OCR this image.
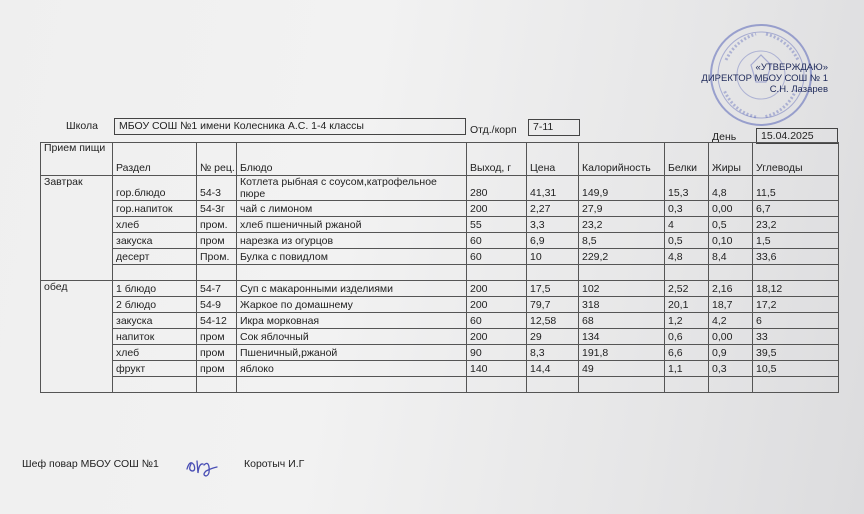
«УТВЕРЖДАЮ»
ДИРЕКТОР МБОУ СОШ № 1
С.Н. Лазарев
Школа	МБОУ СОШ №1 имени Колесника А.С. 1-4 классы	Отд./корп	7-11
День	15.04.2025
Прием пищи	Раздел	№ рец.	Блюдо	Выход, г	Цена	Калорийность	Белки	Жиры	Углеводы
Завтрак	гор.блюдо	54-3	Котлета рыбная с соусом,катрофельное пюре	280	41,31	149,9	15,3	4,8	11,5
	гор.напиток	54-3г	чай с лимоном	200	2,27	27,9	0,3	0,00	6,7
	хлеб	пром.	хлеб пшеничный ржаной	55	3,3	23,2	4	0,5	23,2
	закуска	пром	нарезка из огурцов	60	6,9	8,5	0,5	0,10	1,5
	десерт	Пром.	Булка с повидлом	60	10	229,2	4,8	8,4	33,6

обед	1 блюдо	54-7	Суп с макаронными изделиями	200	17,5	102	2,52	2,16	18,12
	2 блюдо	54-9	Жаркое по домашнему	200	79,7	318	20,1	18,7	17,2
	закуска	54-12	Икра морковная	60	12,58	68	1,2	4,2	6
	напиток	пром	Сок яблочный	200	29	134	0,6	0,00	33
	хлеб	пром	Пшеничный,ржаной	90	8,3	191,8	6,6	0,9	39,5
	фрукт	пром	яблоко	140	14,4	49	1,1	0,3	10,5

Шеф повар МБОУ СОШ №1	Коротыч И.Г
